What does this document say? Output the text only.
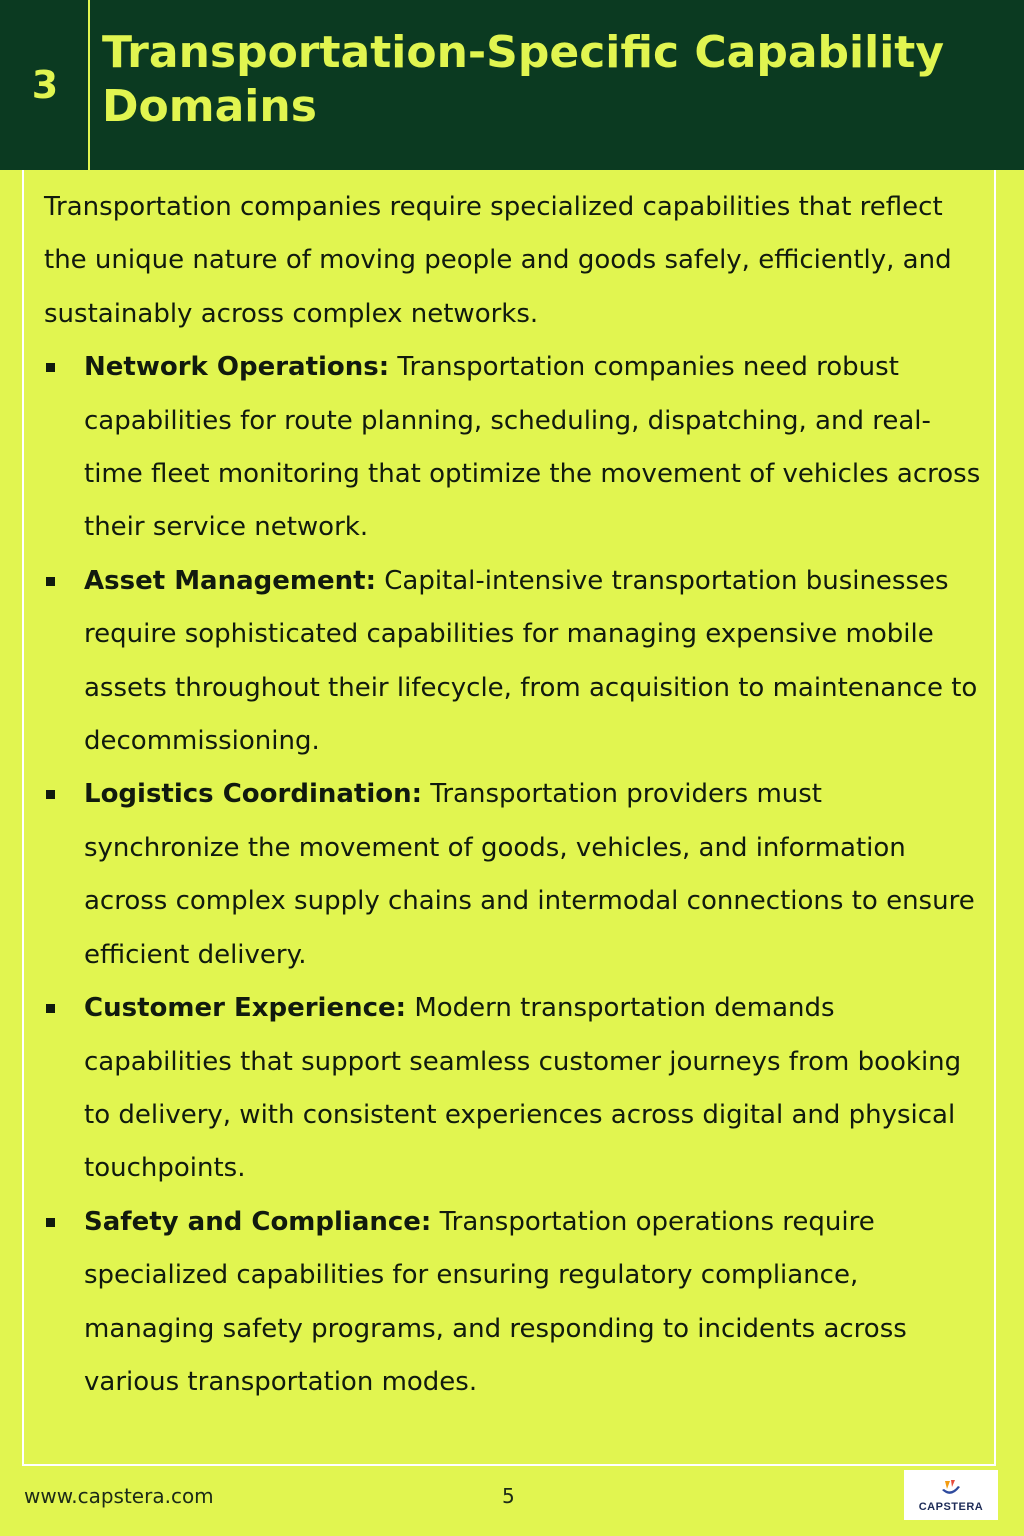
3
Transportation-Specific Capability Domains

Transportation companies require specialized capabilities that reflect the unique nature of moving people and goods safely, efficiently, and sustainably across complex networks.

Network Operations: Transportation companies need robust capabilities for route planning, scheduling, dispatching, and real-time fleet monitoring that optimize the movement of vehicles across their service network.
Asset Management: Capital-intensive transportation businesses require sophisticated capabilities for managing expensive mobile assets throughout their lifecycle, from acquisition to maintenance to decommissioning.
Logistics Coordination: Transportation providers must synchronize the movement of goods, vehicles, and information across complex supply chains and intermodal connections to ensure efficient delivery.
Customer Experience: Modern transportation demands capabilities that support seamless customer journeys from booking to delivery, with consistent experiences across digital and physical touchpoints.
Safety and Compliance: Transportation operations require specialized capabilities for ensuring regulatory compliance, managing safety programs, and responding to incidents across various transportation modes.
www.capstera.com	5	CAPSTERA
